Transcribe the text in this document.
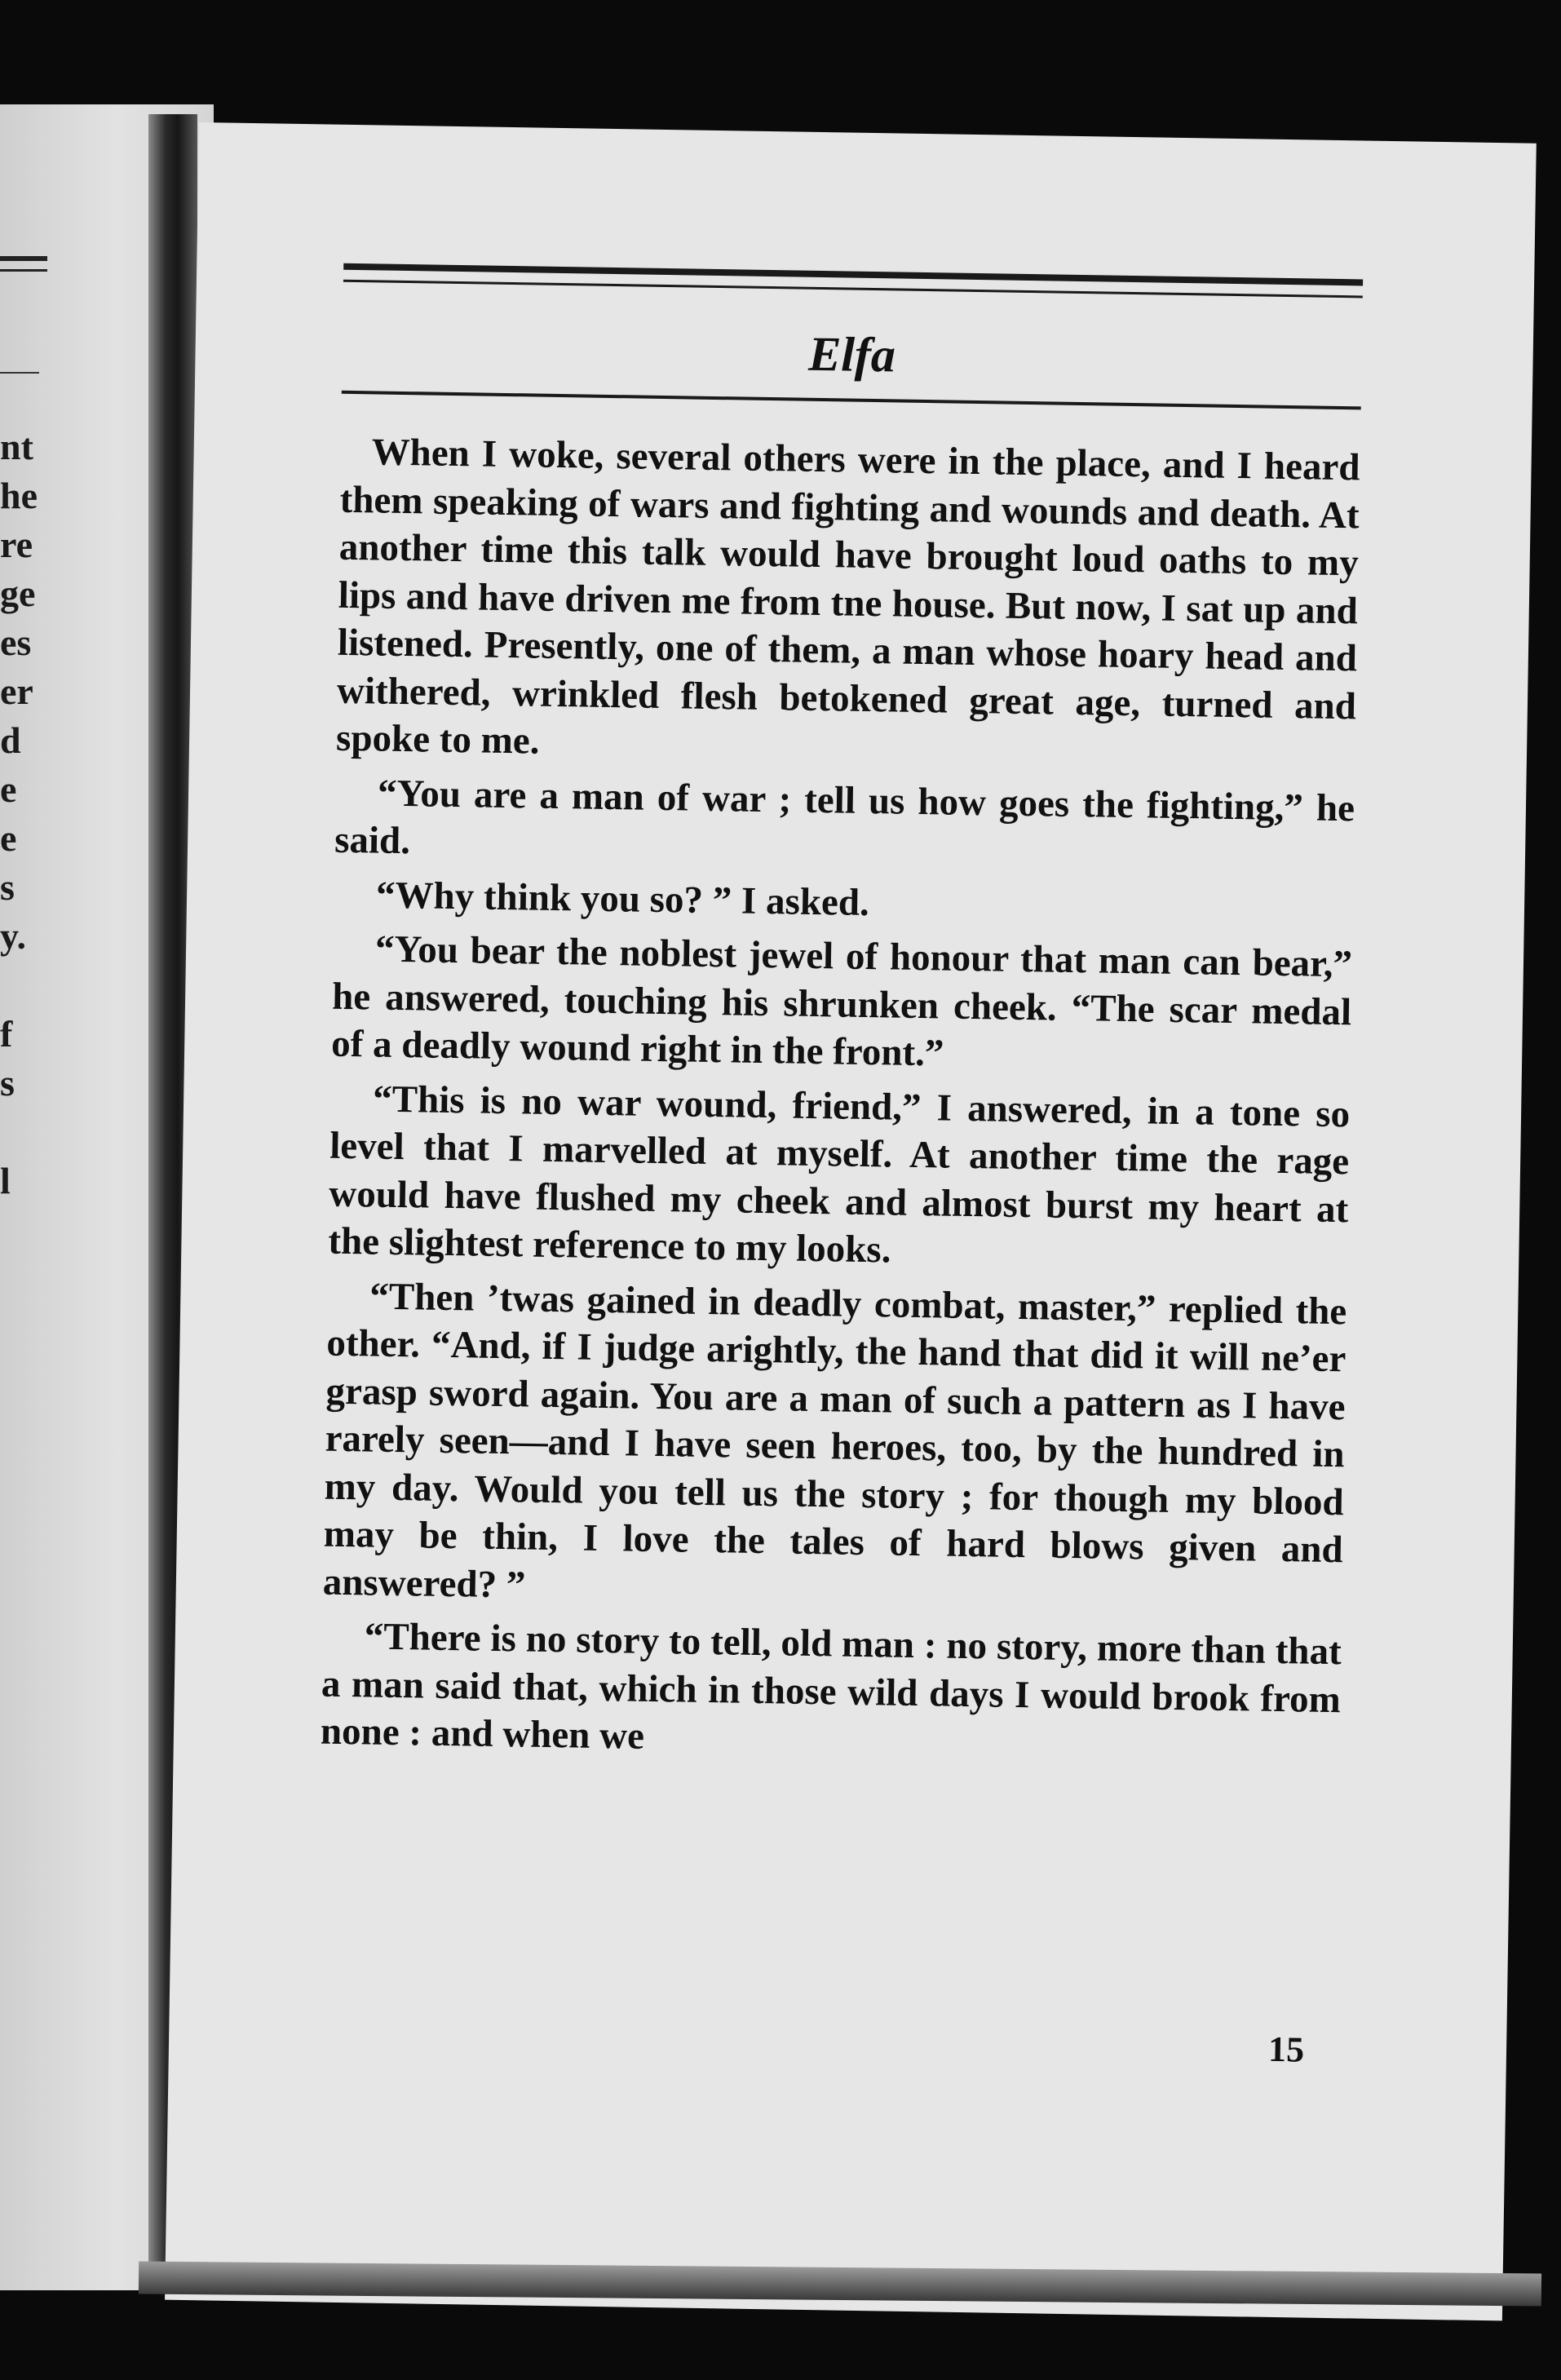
nt
he
re
ge
es
er
d
e
e
s
y.
f
s
l
Elfa

When I woke, several others were in the place, and I heard them speaking of wars and fighting and wounds and death. At another time this talk would have brought loud oaths to my lips and have driven me from tne house. But now, I sat up and listened. Presently, one of them, a man whose hoary head and withered, wrinkled flesh betokened great age, turned and spoke to me.

“You are a man of war ; tell us how goes the fighting,” he said.

“Why think you so? ” I asked.

“You bear the noblest jewel of honour that man can bear,” he answered, touching his shrunken cheek. “The scar medal of a deadly wound right in the front.”

“This is no war wound, friend,” I answered, in a tone so level that I marvelled at myself. At another time the rage would have flushed my cheek and almost burst my heart at the slightest reference to my looks.

“Then ’twas gained in deadly combat, master,” replied the other. “And, if I judge arightly, the hand that did it will ne’er grasp sword again. You are a man of such a pattern as I have rarely seen—and I have seen heroes, too, by the hundred in my day. Would you tell us the story ; for though my blood may be thin, I love the tales of hard blows given and answered? ”

“There is no story to tell, old man : no story, more than that a man said that, which in those wild days I would brook from none : and when we

15
